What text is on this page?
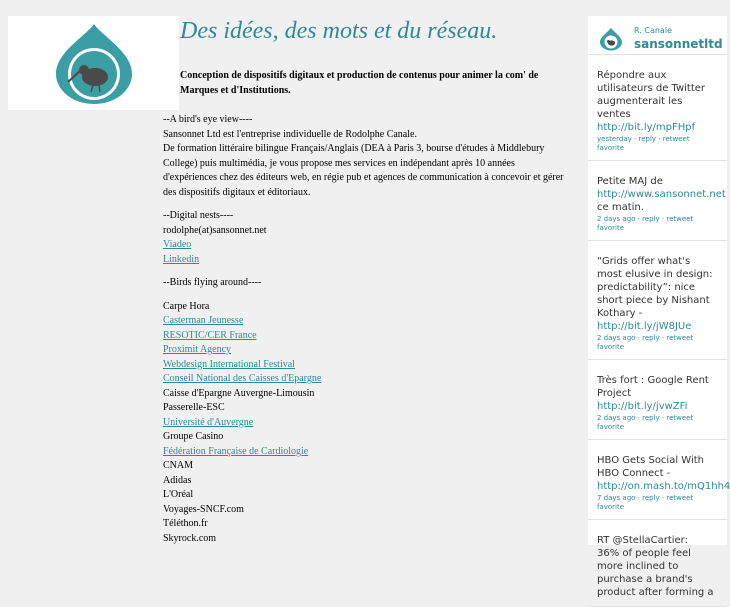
Des idées, des mots et du réseau.

Conception de dispositifs digitaux et production de contenus pour animer la com' de Marques et d'Institutions.

--A bird's eye view----

Sansonnet Ltd est l'entreprise individuelle de Rodolphe Canale.

De formation littéraire bilingue Français/Anglais (DEA à Paris 3, bourse d'études à Middlebury College) puis multimédia, je vous propose mes services en indépendant après 10 années d'expériences chez des éditeurs web, en régie pub et agences de communication à concevoir et gérer des dispositifs digitaux et éditoriaux.

--Digital nests----

rodolphe(at)sansonnet.net

Viadeo
Linkedin

--Birds flying around----

Carpe Hora
Casterman Jeunesse
RESOTIC/CER France
Proximit Agency
Webdesign International Festival
Conseil National des Caisses d'Epargne
Caisse d'Epargne Auvergne-Limousin
Passerelle-ESC
Université d'Auvergne
Groupe Casino
Fédération Française de Cardiologie
CNAM
Adidas
L'Oréal
Voyages-SNCF.com
Téléthon.fr
Skyrock.com
R. Canale
sansonnetltd
Répondre aux
utilisateurs de Twitter
augmenterait les
ventes
http://bit.ly/mpFHpf
yesterday · reply · retweet
favorite
Petite MAJ de
http://www.sansonnet.net
ce matin.
2 days ago · reply · retweet
favorite
“Grids offer what's
most elusive in design:
predictability”: nice
short piece by Nishant
Kothary -
http://bit.ly/jW8JUe
2 days ago · reply · retweet
favorite
Très fort : Google Rent
Project
http://bit.ly/jvwZFi
2 days ago · reply · retweet
favorite
HBO Gets Social With
HBO Connect -
http://on.mash.to/mQ1hh4
7 days ago · reply · retweet
favorite
RT @StellaCartier:
36% of people feel
more inclined to
purchase a brand's
product after forming a
